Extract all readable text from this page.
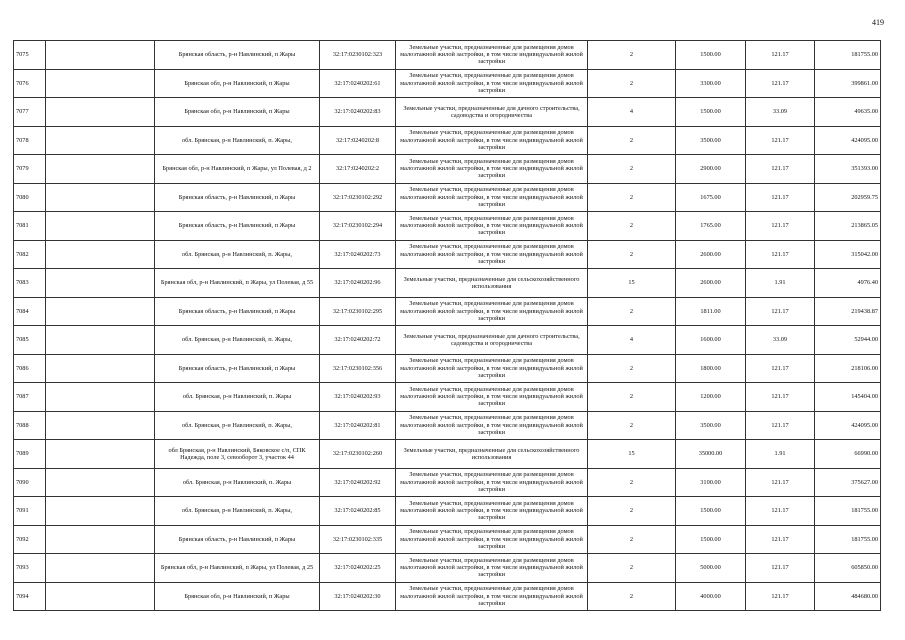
419
7075		Брянская область, р-н Навлинский, п Жары	32:17:0230102:323	Земельные участки, предназначенные для размещения домов малоэтажной жилой застройки, в том числе индивидуальной жилой застройки	2	1500.00	121.17	181755.00
7076		Брянская обл, р-н Навлинский, п Жары	32:17:0240202:61	Земельные участки, предназначенные для размещения домов малоэтажной жилой застройки, в том числе индивидуальной жилой застройки	2	3300.00	121.17	399861.00
7077		Брянская обл, р-н Навлинский, п Жары	32:17:0240202:83	Земельные участки, предназначенные для дачного строительства, садоводства и огородничества	4	1500.00	33.09	49635.00
7078		обл. Брянская, р-н Навлинский, п. Жары,	32:17:0240202:8	Земельные участки, предназначенные для размещения домов малоэтажной жилой застройки, в том числе индивидуальной жилой застройки	2	3500.00	121.17	424095.00
7079		Брянская обл, р-н Навлинский, п Жары, ул Полевая, д 2	32:17:0240202:2	Земельные участки, предназначенные для размещения домов малоэтажной жилой застройки, в том числе индивидуальной жилой застройки	2	2900.00	121.17	351393.00
7080		Брянская область, р-н Навлинский, п Жары	32:17:0230102:292	Земельные участки, предназначенные для размещения домов малоэтажной жилой застройки, в том числе индивидуальной жилой застройки	2	1675.00	121.17	202959.75
7081		Брянская область, р-н Навлинский, п Жары	32:17:0230102:294	Земельные участки, предназначенные для размещения домов малоэтажной жилой застройки, в том числе индивидуальной жилой застройки	2	1765.00	121.17	213865.05
7082		обл. Брянская, р-н Навлинский, п. Жары,	32:17:0240202:73	Земельные участки, предназначенные для размещения домов малоэтажной жилой застройки, в том числе индивидуальной жилой застройки	2	2600.00	121.17	315042.00
7083		Брянская обл, р-н Навлинский, п Жары, ул Полевая, д 55	32:17:0240202:96	Земельные участки, предназначенные для сельскохозяйственного использования	15	2600.00	1.91	4976.40
7084		Брянская область, р-н Навлинский, п Жары	32:17:0230102:295	Земельные участки, предназначенные для размещения домов малоэтажной жилой застройки, в том числе индивидуальной жилой застройки	2	1811.00	121.17	219438.87
7085		обл. Брянская, р-н Навлинский, п. Жары,	32:17:0240202:72	Земельные участки, предназначенные для дачного строительства, садоводства и огородничества	4	1600.00	33.09	52944.00
7086		Брянская область, р-н Навлинский, п Жары	32:17:0230102:356	Земельные участки, предназначенные для размещения домов малоэтажной жилой застройки, в том числе индивидуальной жилой застройки	2	1800.00	121.17	218106.00
7087		обл. Брянская, р-н Навлинский, п. Жары	32:17:0240202:93	Земельные участки, предназначенные для размещения домов малоэтажной жилой застройки, в том числе индивидуальной жилой застройки	2	1200.00	121.17	145404.00
7088		обл. Брянская, р-н Навлинский, п. Жары,	32:17:0240202:81	Земельные участки, предназначенные для размещения домов малоэтажной жилой застройки, в том числе индивидуальной жилой застройки	2	3500.00	121.17	424095.00
7089		обл Брянская, р-н Навлинский, Бяковское с/п, СПК Надежда, поле 3, севооборот 3, участок 44	32:17:0230102:260	Земельные участки, предназначенные для сельскохозяйственного использования	15	35000.00	1.91	66990.00
7090		обл. Брянская, р-н Навлинский, п. Жары	32:17:0240202:92	Земельные участки, предназначенные для размещения домов малоэтажной жилой застройки, в том числе индивидуальной жилой застройки	2	3100.00	121.17	375627.00
7091		обл. Брянская, р-н Навлинский, п. Жары,	32:17:0240202:85	Земельные участки, предназначенные для размещения домов малоэтажной жилой застройки, в том числе индивидуальной жилой застройки	2	1500.00	121.17	181755.00
7092		Брянская область, р-н Навлинский, п Жары	32:17:0230102:335	Земельные участки, предназначенные для размещения домов малоэтажной жилой застройки, в том числе индивидуальной жилой застройки	2	1500.00	121.17	181755.00
7093		Брянская обл, р-н Навлинский, п Жары, ул Полевая, д 25	32:17:0240202:25	Земельные участки, предназначенные для размещения домов малоэтажной жилой застройки, в том числе индивидуальной жилой застройки	2	5000.00	121.17	605850.00
7094		Брянская обл, р-н Навлинский, п Жары	32:17:0240202:30	Земельные участки, предназначенные для размещения домов малоэтажной жилой застройки, в том числе индивидуальной жилой застройки	2	4000.00	121.17	484680.00
